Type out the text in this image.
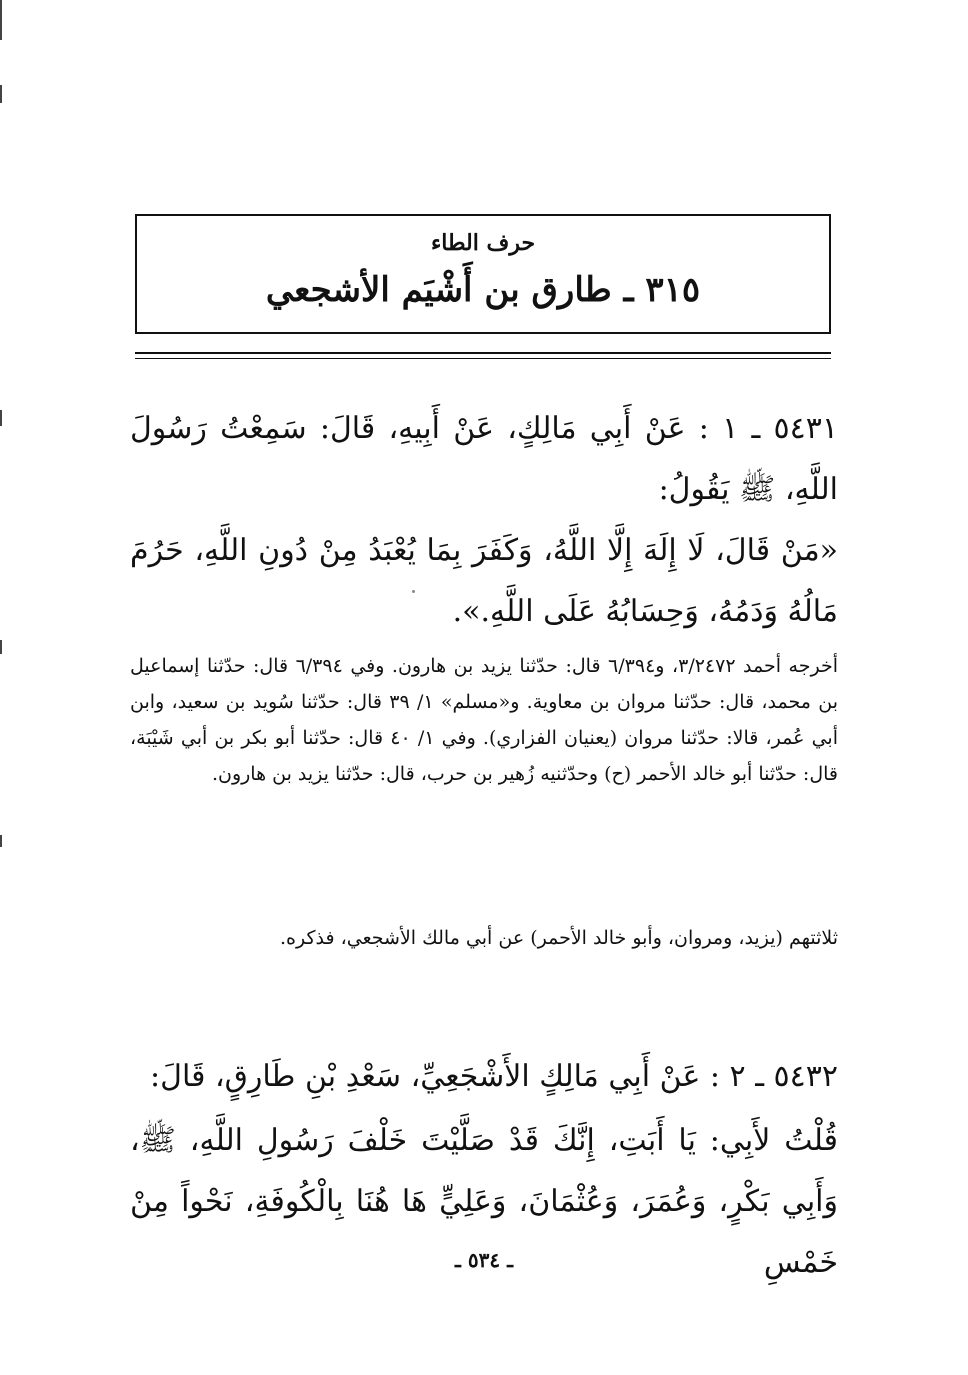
حرف الطاء
٣١٥ ـ طارق بن أَشْيَم الأشجعي
٥٤٣١ ـ ١ : عَنْ أَبِي مَالِكٍ، عَنْ أَبِيهِ، قَالَ: سَمِعْتُ رَسُولَ اللَّهِ، ﷺ يَقُولُ:
«مَنْ قَالَ، لَا إِلَهَ إِلَّا اللَّهُ، وَكَفَرَ بِمَا يُعْبَدُ مِنْ دُونِ اللَّهِ، حَرُمَ مَالُهُ وَدَمُهُ، وَحِسَابُهُ عَلَى اللَّهِ.».
أخرجه أحمد ٣/٢٤٧٢، و٦/٣٩٤ قال: حدّثنا يزيد بن هارون. وفي ٦/٣٩٤ قال: حدّثنا إسماعيل بن محمد، قال: حدّثنا مروان بن معاوية. و«مسلم» ١/ ٣٩ قال: حدّثنا سُويد بن سعيد، وابن أبي عُمر، قالا: حدّثنا مروان (يعنيان الفزاري). وفي ١/ ٤٠ قال: حدّثنا أبو بكر بن أبي شَيْبَة، قال: حدّثنا أبو خالد الأحمر (ح) وحدّثنيه زُهير بن حرب، قال: حدّثنا يزيد بن هارون.
ثلاثتهم (يزيد، ومروان، وأبو خالد الأحمر) عن أبي مالك الأشجعي، فذكره.
٥٤٣٢ ـ ٢ : عَنْ أَبِي مَالِكٍ الأَشْجَعِيِّ، سَعْدِ بْنِ طَارِقٍ، قَالَ:
قُلْتُ لأَبِي: يَا أَبَتِ، إِنَّكَ قَدْ صَلَّيْتَ خَلْفَ رَسُولِ اللَّهِ، ﷺ، وَأَبِي بَكْرٍ، وَعُمَرَ، وَعُثْمَانَ، وَعَلِيٍّ هَا هُنَا بِالْكُوفَةِ، نَحْواً مِنْ خَمْسِ
ـ ٥٣٤ ـ
